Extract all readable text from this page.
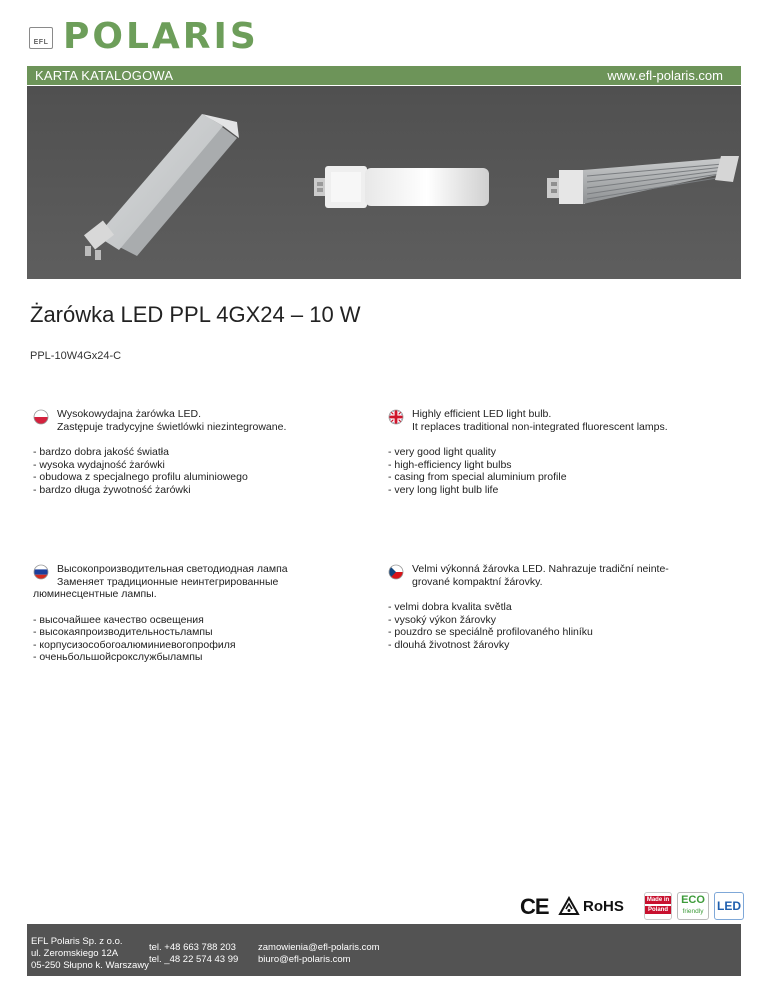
EFL POLARIS
KARTA KATALOGOWA	www.efl-polaris.com
Żarówka LED PPL 4GX24 – 10 W
PPL-10W4Gx24-C
Wysokowydajna żarówka LED.
Zastępuje tradycyjne świetlówki niezintegrowane.
- bardzo dobra jakość światła
- wysoka wydajność żarówki
- obudowa z specjalnego profilu aluminiowego
- bardzo długa żywotność żarówki
Highly efficient LED light bulb.
It replaces traditional non-integrated fluorescent lamps.
- very good light quality
- high-efficiency light bulbs
- casing from special aluminium profile
- very long light bulb life
Высокопроизводительная светодиодная лампа
Заменяет традиционные неинтегрированные
люминесцентные лампы.
- высочайшее качество освещения
- высокаяпроизводительностьлампы
- корпусизособогоалюминиевогопрофиля
- оченьбольшойсрокслужбылампы
Velmi výkonná žárovka LED. Nahrazuje tradiční neinte-
grované kompaktní žárovky.
- velmi dobra kvalita světla
- vysoký výkon žárovky
- pouzdro se speciálně profilovaného hliníku
- dlouhá životnost žárovky
CE RoHS	Made in
Poland
ECO
friendly	LED
EFL Polaris Sp. z o.o.
ul. Zeromskiego 12A
05-250 Słupno k. Warszawy
tel. +48 663 788 203
tel. _48 22 574 43 99
zamowienia@efl-polaris.com
biuro@efl-polaris.com
